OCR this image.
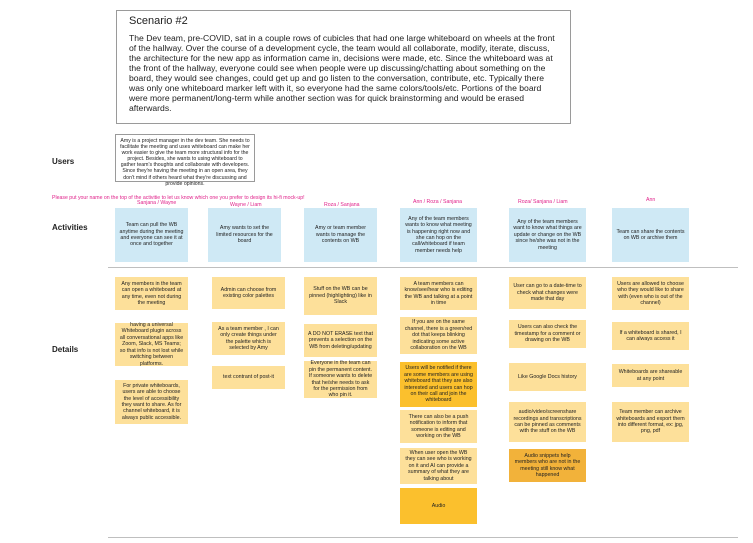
Scenario #2

The Dev team, pre-COVID, sat in a couple rows of cubicles that had one large whiteboard on wheels at the front of the hallway. Over the course of a development cycle, the team would all collaborate, modify, iterate, discuss, the architecture for the new app as information came in, decisions were made, etc. Since the whiteboard was at the front of the hallway, everyone could see when people were up discussing/chatting about something on the board, they would see changes, could get up and go listen to the conversation, contribute, etc. Typically there was only one whiteboard marker left with it, so everyone had the same colors/tools/etc. Portions of the board were more permanent/long-term while another section was for quick brainstorming and would be erased afterwards.

Users
Activities
Details
Amy is a project manager in the dev team. She needs to facilitate the meeting and uses whiteboard can make her work easier to give the team more structural info for the project. Besides, she wants to using whiteboard to gather team's thoughts and collaborate with developers. Since they're having the meeting in an open area, they don't mind if others heard what they're discussing and provide opinions.
Please put your name on the top of the activitie to let us know which one you prefer to design its hi-fi mock-up!
Sanjana / Wayne	Wayne / Liam	Roza / Sanjana	Ann / Roza / Sanjana	Roza/ Sanjana / Liam	Ann
Team can pull the WB anytime during the meeting and everyone can see it at once and together
Amy wants to set the limited resources for the board
Amy or team member wants to manage the contents on WB
Any of the team members wants to know what meeting is happening right now and she can hop on the call/whiteboard if team member needs help
Any of the team members want to know what things are update or change on the WB since he/she was not in the meeting
Team can share the contents on WB or archive them
Any members in the team can open a whiteboard at any time, even not during the meeting
having a universal Whiteboard plugin across all conversational apps like Zoom, Slack, MS Teams; so that info is not lost while switching between platforms.
For private whiteboards, users are able to choose the level of accessibility they want to share. As for channel whiteboard, it is always public accessible.
Admin can choose from existing color palettes
As a team member , I can only create things under the palette which is selected by Amy
text contrant of post-it
Stuff on the WB can be pinned (highlighting) like in Slack
A DO NOT ERASE text that prevents a selection on the WB from deleting/updating
Everyone in the team can pin the permanent content. If someone wants to delete that he/she needs to ask for the permission from who pin it.
A team members can know/see/hear who is editing the WB and talking at a point in time
If you are on the same channel, there is a green/red dot that keeps blinking indicating some active collaboration on the WB
Users will be notified if there are some members are using whiteboard that they are also interested and users can hop on their call and join the whiteboard
There can also be a push notification to inform that someone is editing and working on the WB
When user open the WB they can see who is working on it and AI can provide a summary of what they are talking about
Audio
User can go to a date-time to check what changes were made that day
Users can also check the timestamp for a comment or drawing on the WB
Like Google Docs history
audio/video/screenshare recordings and transcriptions can be pinned as comments with the stuff on the WB
Audio snippets help members who are not in the meeting still know what happened
Users are allowed to choose who they would like to share with (even who is out of the channel)
If a whiteboard is shared, I can always access it
Whiteboards are shareable at any point
Team member can archive whiteboards and export them into different format, ex: jpg, png, pdf
